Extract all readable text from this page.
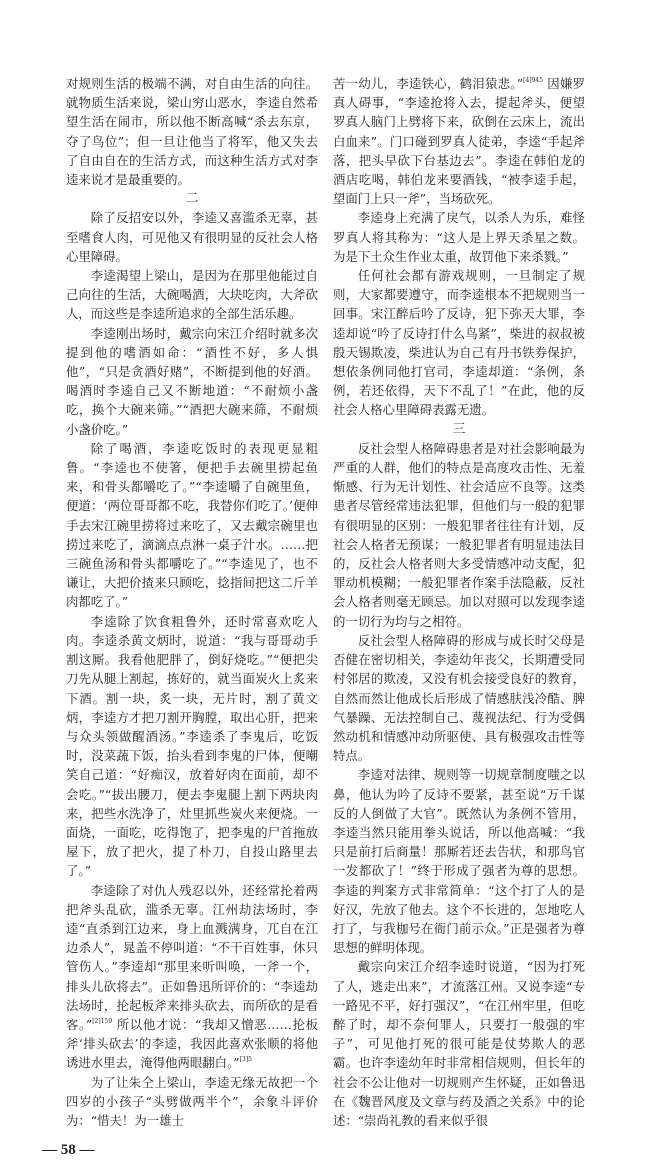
对规则生活的极端不满，对自由生活的向往。就物质生活来说，梁山穷山恶水，李逵自然希望生活在闹市，所以他不断高喊“杀去东京，夺了鸟位”；但一旦让他当了将军，他又失去了自由自在的生活方式，而这种生活方式对李逵来说才是最重要的。

二

除了反招安以外，李逵又喜滥杀无辜，甚至嗜食人肉，可见他又有很明显的反社会人格心里障碍。

李逵渴望上梁山，是因为在那里他能过自己向往的生活，大碗喝酒，大块吃肉，大斧砍人，而这些是李逵所追求的全部生活乐趣。

李逵刚出场时，戴宗向宋江介绍时就多次提到他的嗜酒如命：“酒性不好，多人惧他”，“只是贪酒好赌”，不断提到他的好酒。喝酒时李逵自己又不断地道：“不耐烦小盏吃，换个大碗来筛。”“酒把大碗来筛，不耐烦小盏价吃。”

除了喝酒，李逵吃饭时的表现更显粗鲁。“李逵也不使箸，便把手去碗里捞起鱼来，和骨头都嚼吃了。”“李逵嚼了自碗里鱼，便道：‘两位哥哥都不吃，我替你们吃了。’便伸手去宋江碗里捞将过来吃了，又去戴宗碗里也捞过来吃了，滴滴点点淋一桌子汁水。……把三碗鱼汤和骨头都嚼吃了。”“李逵见了，也不谦让，大把价揸来只顾吃，捻指间把这二斤羊肉都吃了。”

李逵除了饮食粗鲁外，还时常喜欢吃人肉。李逵杀黄文炳时，说道：“我与哥哥动手割这厮。我看他肥胖了，倒好烧吃。”“便把尖刀先从腿上割起，拣好的，就当面炭火上炙来下酒。割一块，炙一块，无片时，割了黄文炳，李逵方才把刀割开胸膛，取出心肝，把来与众头领做醒酒汤。”李逵杀了李鬼后，吃饭时，没菜蔬下饭，抬头看到李鬼的尸体，便嘲笑自己道：“好痴汉，放着好肉在面前，却不会吃。”“拔出腰刀，便去李鬼腿上割下两块肉来，把些水洗净了，灶里抓些炭火来便烧。一面烧，一面吃，吃得饱了，把李鬼的尸首拖放屋下，放了把火，提了朴刀，自投山路里去了。”

李逵除了对仇人残忍以外，还经常抡着两把斧头乱砍，滥杀无辜。江州劫法场时，李逵“直杀到江边来，身上血溅满身，兀自在江边杀人”，晁盖不停叫道：“不干百姓事，休只管伤人。”李逵却“那里来听叫唤，一斧一个，排头儿砍将去”。正如鲁迅所评价的：“李逵劫法场时，抡起板斧来排头砍去，而所砍的是看客。”$^{[2]159}$ 所以他才说：“我却又憎恶……抡板斧‘排头砍去’的李逵，我因此喜欢张顺的将他诱进水里去，淹得他两眼翻白。”$^{[3]5}$

为了让朱仝上梁山，李逵无缘无故把一个四岁的小孩子“头劈做两半个”，余象斗评价为：“惜夫！为一雄士

— 58 —

苦一幼儿，李逵铁心，鹤泪猿悲。”$^{[4]945}$ 因嫌罗真人碍事，“李逵抢将入去，提起斧头，便望罗真人脑门上劈将下来，砍倒在云床上，流出白血来”。门口碰到罗真人徒弟，李逵“手起斧落，把头早砍下台基边去”。李逵在韩伯龙的酒店吃喝，韩伯龙来要酒钱，“被李逵手起，望面门上只一斧”，当场砍死。

李逵身上充满了戾气，以杀人为乐，难怪罗真人将其称为：“这人是上界天杀星之数。为是下土众生作业太重，故罚他下来杀戮。”

任何社会都有游戏规则，一旦制定了规则，大家都要遵守，而李逵根本不把规则当一回事。宋江醉后吟了反诗，犯下弥天大罪，李逵却说“吟了反诗打什么鸟紧”，柴进的叔叔被殷天锡欺凌，柴进认为自己有丹书铁券保护，想依条例同他打官司，李逵却道：“条例，条例，若还依得，天下不乱了！”在此，他的反社会人格心里障碍表露无遗。

三

反社会型人格障碍患者是对社会影响最为严重的人群，他们的特点是高度攻击性、无羞惭感、行为无计划性、社会适应不良等。这类患者尽管经常违法犯罪，但他们与一般的犯罪有很明显的区别：一般犯罪者往往有计划，反社会人格者无预谋；一般犯罪者有明显违法目的，反社会人格者则大多受情感冲动支配，犯罪动机模糊；一般犯罪者作案手法隐蔽，反社会人格者则毫无顾忌。加以对照可以发现李逵的一切行为均与之相符。

反社会型人格障碍的形成与成长时父母是否健在密切相关，李逵幼年丧父，长期遭受同村邻居的欺凌，又没有机会接受良好的教育，自然而然让他成长后形成了情感肤浅冷酷、脾气暴躁、无法控制自己、蔑视法纪、行为受偶然动机和情感冲动所驱使、具有极强攻击性等特点。

李逵对法律、规则等一切规章制度嗤之以鼻，他认为吟了反诗不要紧，甚至说“万千谋反的人倒做了大官”。既然认为条例不管用，李逵当然只能用拳头说话，所以他高喊：“我只是前打后商量！那厮若还去告状，和那鸟官一发都砍了！”终于形成了强者为尊的思想。李逵的判案方式非常简单：“这个打了人的是好汉，先放了他去。这个不长进的，怎地吃人打了，与我枷号在衙门前示众。”正是强者为尊思想的鲜明体现。

戴宗向宋江介绍李逵时说道，“因为打死了人，逃走出来”，才流落江州。又说李逵“专一路见不平，好打强汉”，“在江州牢里，但吃醉了时，却不奈何罪人，只要打一般强的牢子”，可见他打死的很可能是仗势欺人的恶霸。也许李逵幼年时非常相信规则，但长年的社会不公让他对一切规则产生怀疑，正如鲁迅在《魏晋风度及文章与药及酒之关系》中的论述：“崇尚礼教的看来似乎很
